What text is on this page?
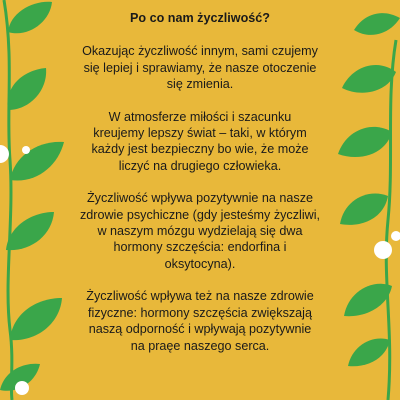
Po co nam życzliwość?
Okazując życzliwość innym, sami czujemy
się lepiej i sprawiamy, że nasze otoczenie
się zmienia.
W atmosferze miłości i szacunku
kreujemy lepszy świat – taki, w którym
każdy jest bezpieczny bo wie, że może
liczyć na drugiego człowieka.
Życzliwość wpływa pozytywnie na nasze
zdrowie psychiczne (gdy jesteśmy życzliwi,
w naszym mózgu wydzielają się dwa
hormony szczęścia: endorfina i
oksytocyna).
Życzliwość wpływa też na nasze zdrowie
fizyczne: hormony szczęścia zwiększają
naszą odporność i wpływają pozytywnie
na praęe naszego serca.
